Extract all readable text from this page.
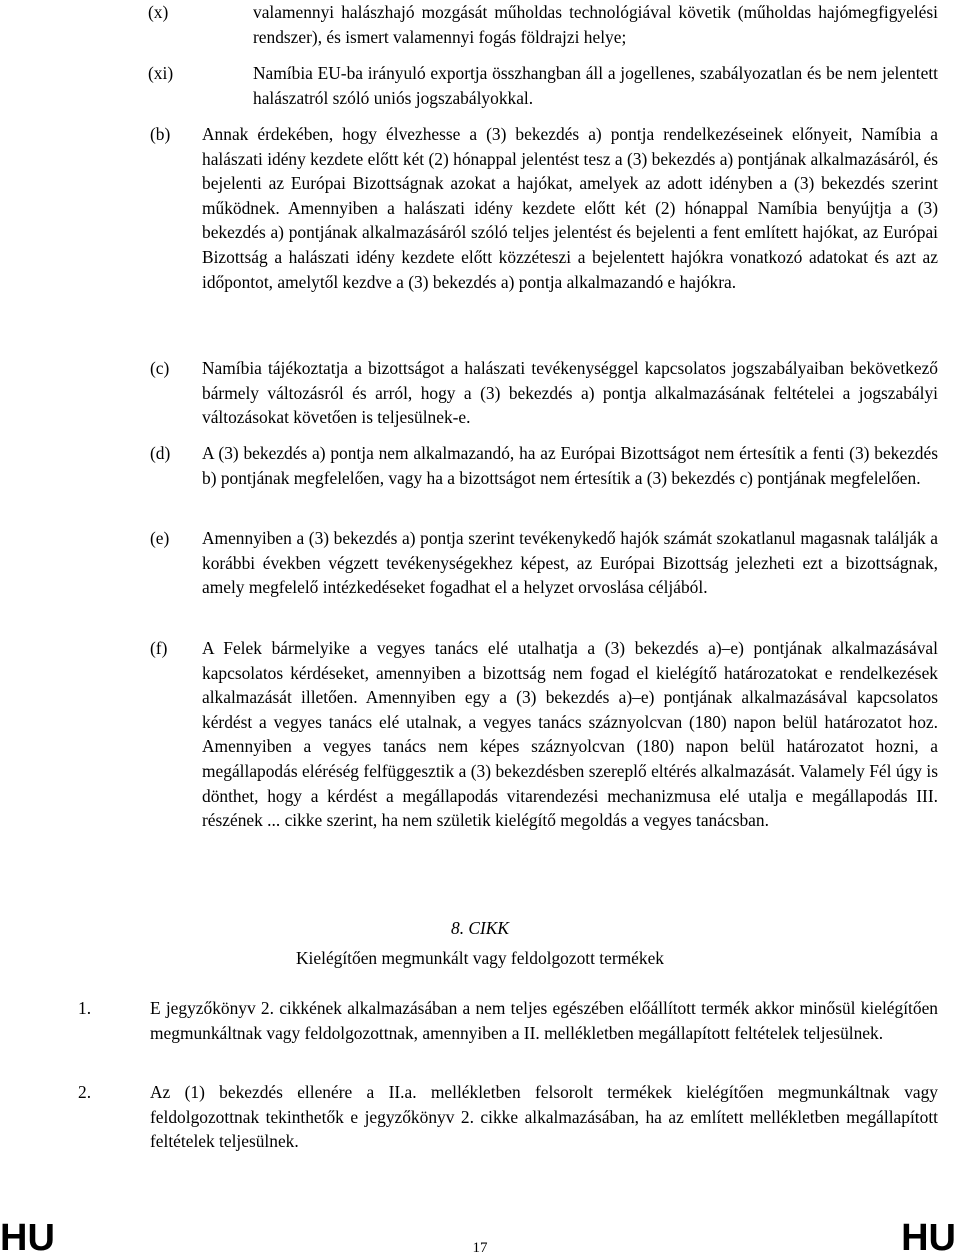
(x)	valamennyi halászhajó mozgását műholdas technológiával követik (műholdas hajómegfigyelési rendszer), és ismert valamennyi fogás földrajzi helye;
(xi)	Namíbia EU-ba irányuló exportja összhangban áll a jogellenes, szabályozatlan és be nem jelentett halászatról szóló uniós jogszabályokkal.
(b) Annak érdekében, hogy élvezhesse a (3) bekezdés a) pontja rendelkezéseinek előnyeit, Namíbia a halászati idény kezdete előtt két (2) hónappal jelentést tesz a (3) bekezdés a) pontjának alkalmazásáról, és bejelenti az Európai Bizottságnak azokat a hajókat, amelyek az adott idényben a (3) bekezdés szerint működnek. Amennyiben a halászati idény kezdete előtt két (2) hónappal Namíbia benyújtja a (3) bekezdés a) pontjának alkalmazásáról szóló teljes jelentést és bejelenti a fent említett hajókat, az Európai Bizottság a halászati idény kezdete előtt közzéteszi a bejelentett hajókra vonatkozó adatokat és azt az időpontot, amelytől kezdve a (3) bekezdés a) pontja alkalmazandó e hajókra.
(c) Namíbia tájékoztatja a bizottságot a halászati tevékenységgel kapcsolatos jogszabályaiban bekövetkező bármely változásról és arról, hogy a (3) bekezdés a) pontja alkalmazásának feltételei a jogszabályi változásokat követően is teljesülnek-e.
(d) A (3) bekezdés a) pontja nem alkalmazandó, ha az Európai Bizottságot nem értesítik a fenti (3) bekezdés b) pontjának megfelelően, vagy ha a bizottságot nem értesítik a (3) bekezdés c) pontjának megfelelően.
(e) Amennyiben a (3) bekezdés a) pontja szerint tevékenykedő hajók számát szokatlanul magasnak találják a korábbi években végzett tevékenységekhez képest, az Európai Bizottság jelezheti ezt a bizottságnak, amely megfelelő intézkedéseket fogadhat el a helyzet orvoslása céljából.
(f) A Felek bármelyike a vegyes tanács elé utalhatja a (3) bekezdés a)–e) pontjának alkalmazásával kapcsolatos kérdéseket, amennyiben a bizottság nem fogad el kielégítő határozatokat e rendelkezések alkalmazását illetően. Amennyiben egy a (3) bekezdés a)–e) pontjának alkalmazásával kapcsolatos kérdést a vegyes tanács elé utalnak, a vegyes tanács száznyolcvan (180) napon belül határozatot hoz. Amennyiben a vegyes tanács nem képes száznyolcvan (180) napon belül határozatot hozni, a megállapodás eléréség felfüggesztik a (3) bekezdésben szereplő eltérés alkalmazását. Valamely Fél úgy is dönthet, hogy a kérdést a megállapodás vitarendezési mechanizmusa elé utalja e megállapodás III. részének ... cikke szerint, ha nem születik kielégítő megoldás a vegyes tanácsban.
8. CIKK
Kielégítően megmunkált vagy feldolgozott termékek
1.	E jegyzőkönyv 2. cikkének alkalmazásában a nem teljes egészében előállított termék akkor minősül kielégítően megmunkáltnak vagy feldolgozottnak, amennyiben a II. mellékletben megállapított feltételek teljesülnek.
2.	Az (1) bekezdés ellenére a II.a. mellékletben felsorolt termékek kielégítően megmunkáltnak vagy feldolgozottnak tekinthetők e jegyzőkönyv 2. cikke alkalmazásában, ha az említett mellékletben megállapított feltételek teljesülnek.
HU	17	HU
